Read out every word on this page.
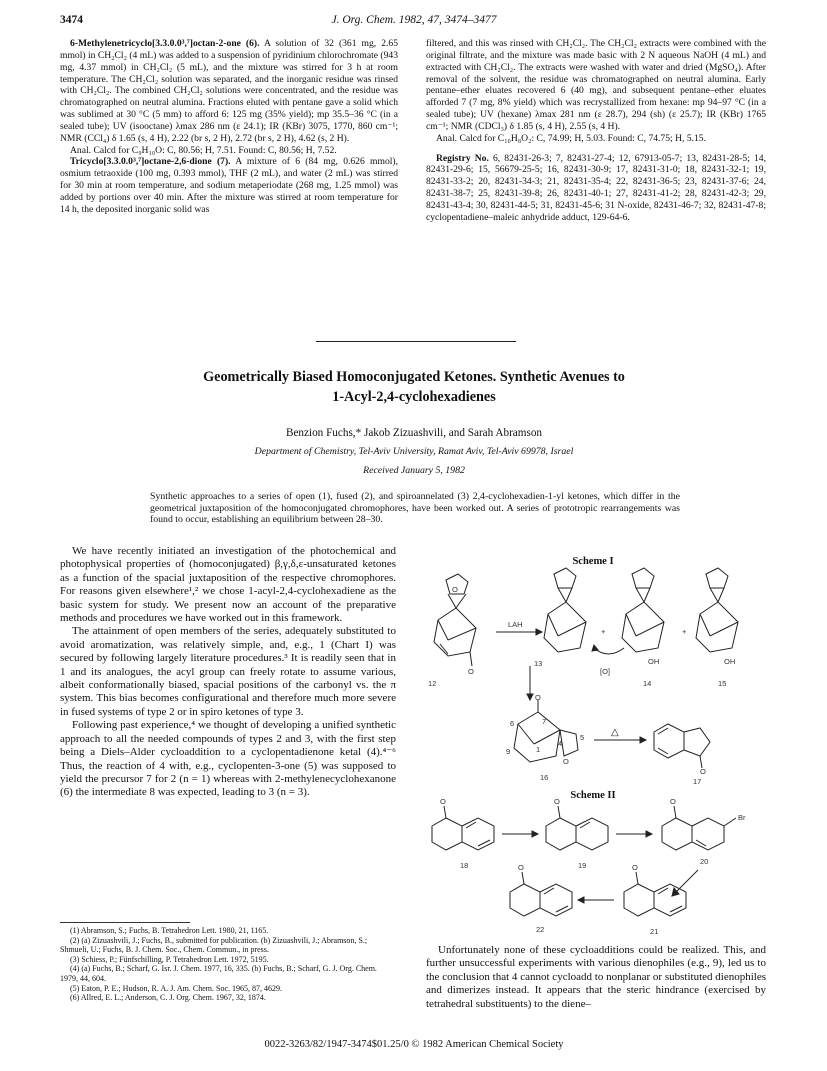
3474	J. Org. Chem. 1982, 47, 3474–3477

6-Methylenetricyclo[3.3.0.0³,⁷]octan-2-one (6). A solution of 32 (361 mg, 2.65 mmol) in CH₂Cl₂ (4 mL) was added to a suspension of pyridinium chlorochromate (943 mg, 4.37 mmol) in CH₂Cl₂ (5 mL), and the mixture was stirred for 3 h at room temperature. The CH₂Cl₂ solution was separated, and the inorganic residue was rinsed with CH₂Cl₂. The combined CH₂Cl₂ solutions were concentrated, and the residue was chromatographed on neutral alumina. Fractions eluted with pentane gave a solid which was sublimed at 30 °C (5 mm) to afford 6: 125 mg (35% yield); mp 35.5–36 °C (in a sealed tube); UV (isooctane) λmax 286 nm (ε 24.1); IR (KBr) 3075, 1770, 860 cm⁻¹; NMR (CCl₄) δ 1.65 (s, 4 H), 2.22 (br s, 2 H), 2.72 (br s, 2 H), 4.62 (s, 2 H).

Anal. Calcd for C₉H₁₀O: C, 80.56; H, 7.51. Found: C, 80.56; H, 7.52.

Tricyclo[3.3.0.0³,⁷]octane-2,6-dione (7). A mixture of 6 (84 mg, 0.626 mmol), osmium tetraoxide (100 mg, 0.393 mmol), THF (2 mL), and water (2 mL) was stirred for 30 min at room temperature, and sodium metaperiodate (268 mg, 1.25 mmol) was added by portions over 40 min. After the mixture was stirred at room temperature for 14 h, the deposited inorganic solid was

filtered, and this was rinsed with CH₂Cl₂. The CH₂Cl₂ extracts were combined with the original filtrate, and the mixture was made basic with 2 N aqueous NaOH (4 mL) and extracted with CH₂Cl₂. The extracts were washed with water and dried (MgSO₄). After removal of the solvent, the residue was chromatographed on neutral alumina. Early pentane–ether eluates recovered 6 (40 mg), and subsequent pentane–ether eluates afforded 7 (7 mg, 8% yield) which was recrystallized from hexane: mp 94–97 °C (in a sealed tube); UV (hexane) λmax 281 nm (ε 28.7), 294 (sh) (ε 25.7); IR (KBr) 1765 cm⁻¹; NMR (CDCl₃) δ 1.85 (s, 4 H), 2.55 (s, 4 H).

Anal. Calcd for C₁₀H₈O₂: C, 74.99; H, 5.03. Found: C, 74.75; H, 5.15.

Registry No. 6, 82431-26-3; 7, 82431-27-4; 12, 67913-05-7; 13, 82431-28-5; 14, 82431-29-6; 15, 56679-25-5; 16, 82431-30-9; 17, 82431-31-0; 18, 82431-32-1; 19, 82431-33-2; 20, 82431-34-3; 21, 82431-35-4; 22, 82431-36-5; 23, 82431-37-6; 24, 82431-38-7; 25, 82431-39-8; 26, 82431-40-1; 27, 82431-41-2; 28, 82431-42-3; 29, 82431-43-4; 30, 82431-44-5; 31, 82431-45-6; 31 N-oxide, 82431-46-7; 32, 82431-47-8; cyclopentadiene–maleic anhydride adduct, 129-64-6.

Geometrically Biased Homoconjugated Ketones. Synthetic Avenues to
1-Acyl-2,4-cyclohexadienes
Benzion Fuchs,* Jakob Zizuashvili, and Sarah Abramson
Department of Chemistry, Tel-Aviv University, Ramat Aviv, Tel-Aviv 69978, Israel
Received January 5, 1982
Synthetic approaches to a series of open (1), fused (2), and spiroannelated (3) 2,4-cyclohexadien-1-yl ketones, which differ in the geometrical juxtaposition of the homoconjugated chromophores, have been worked out. A series of prototropic rearrangements was found to occur, establishing an equilibrium between 28–30.

We have recently initiated an investigation of the photochemical and photophysical properties of (homoconjugated) β,γ,δ,ε-unsaturated ketones as a function of the spacial juxtaposition of the respective chromophores. For reasons given elsewhere¹,² we chose 1-acyl-2,4-cyclohexadiene as the basic system for study. We present now an account of the preparative methods and procedures we have worked out in this framework.

The attainment of open members of the series, adequately substituted to avoid aromatization, was relatively simple, and, e.g., 1 (Chart I) was secured by following largely literature procedures.³ It is readily seen that in 1 and its analogues, the acyl group can freely rotate to assume various, albeit conformationally biased, spacial positions of the carbonyl vs. the π system. This bias becomes configurational and therefore much more severe in fused systems of type 2 or in spiro ketones of type 3.

Following past experience,⁴ we thought of developing a unified synthetic approach to all the needed compounds of types 2 and 3, with the first step being a Diels–Alder cycloaddition to a cyclopentadienone ketal (4).⁴⁻⁶ Thus, the reaction of 4 with, e.g., cyclopenten-3-one (5) was supposed to yield the precursor 7 for 2 (n = 1) whereas with 2-methylenecyclohexanone (6) the intermediate 8 was expected, leading to 3 (n = 3).

(1) Abramson, S.; Fuchs, B. Tetrahedron Lett. 1980, 21, 1165.
(2) (a) Zizuashvili, J.; Fuchs, B., submitted for publication. (b) Zizuashvili, J.; Abramson, S.; Shmueli, U.; Fuchs, B. J. Chem. Soc., Chem. Commun., in press.
(3) Schiess, P.; Fünfschilling, P. Tetrahedron Lett. 1972, 5195.
(4) (a) Fuchs, B.; Scharf, G. Isr. J. Chem. 1977, 16, 335. (b) Fuchs, B.; Scharf, G. J. Org. Chem. 1979, 44, 604.
(5) Eaton, P. E.; Hudson, R. A. J. Am. Chem. Soc. 1965, 87, 4629.
(6) Allred, E. L.; Anderson, C. J. Org. Chem. 1967, 32, 1874.

Unfortunately none of these cycloadditions could be realized. This, and further unsuccessful experiments with various dienophiles (e.g., 9), led us to the conclusion that 4 cannot cycloadd to nonplanar or substituted dienophiles and dimerizes instead. It appears that the steric hindrance (exercised by tetrahedral substituents) to the diene–

Scheme I
O
O
LAH
+
[O]
OH
+
OH
12
13
14	15
O
O
6	7
5
9	1
4
△
O
16	17
Scheme II
O	O	O
Br
18	19	20
O	O
22	21
0022-3263/82/1947-3474$01.25/0 © 1982 American Chemical Society
